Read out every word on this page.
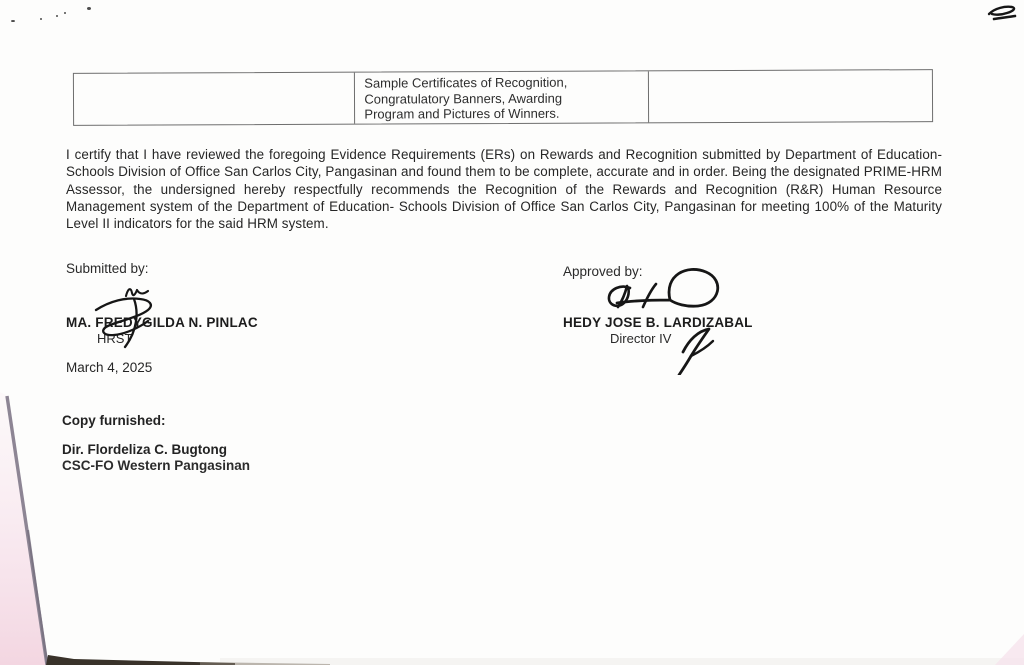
Sample Certificates of Recognition,
Congratulatory Banners, Awarding
Program and Pictures of Winners.

I certify that I have reviewed the foregoing Evidence Requirements (ERs) on Rewards and Recognition submitted by Department of Education- Schools Division of Office San Carlos City, Pangasinan and found them to be complete, accurate and in order. Being the designated PRIME-HRM Assessor, the undersigned hereby respectfully recommends the Recognition of the Rewards and Recognition (R&R) Human Resource Management system of the Department of Education- Schools Division of Office San Carlos City, Pangasinan for meeting 100% of the Maturity Level II indicators for the said HRM system.

Submitted by:
MA. FREDYGILDA N. PINLAC
HRST
Approved by:
HEDY JOSE B. LARDIZABAL
Director IV
March 4, 2025
Copy furnished:
Dir. Flordeliza C. Bugtong
CSC-FO Western Pangasinan
